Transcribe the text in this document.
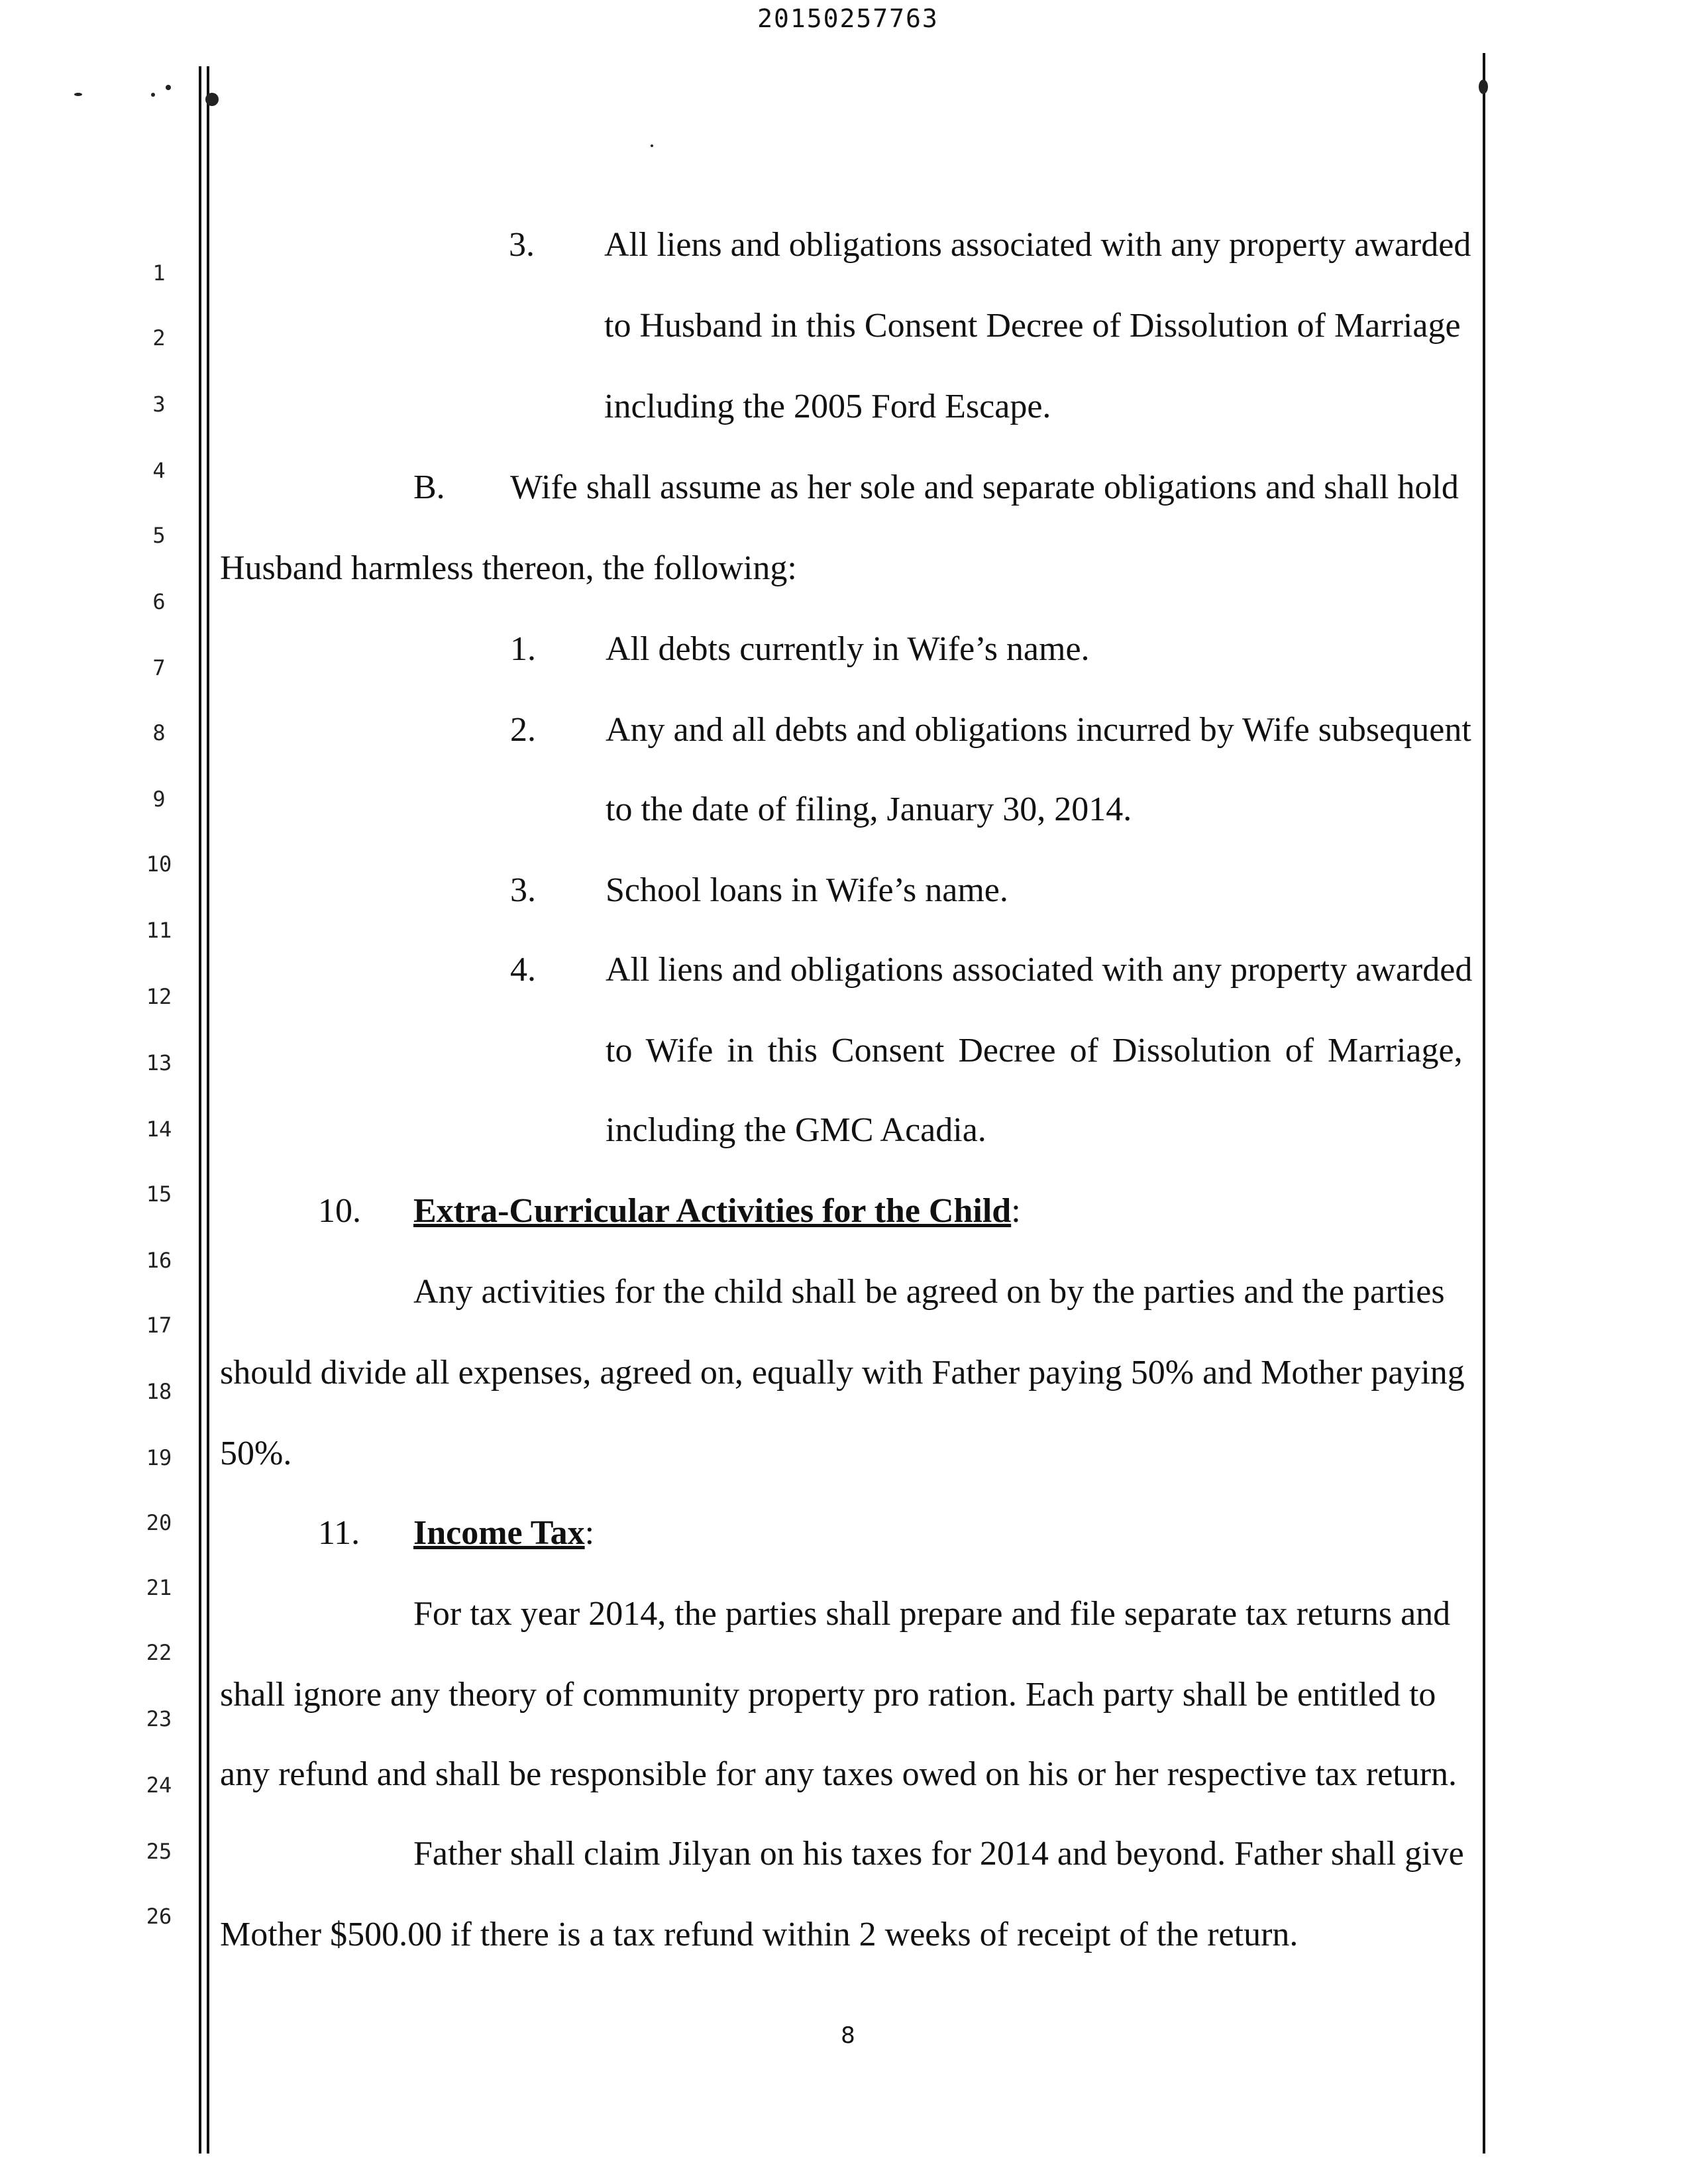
20150257763
1
2
3
4
5
6
7
8
9
10
11
12
13
14
15
16
17
18
19
20
21
22
23
24
25
26
3. All liens and obligations associated with any property awarded
to Husband in this Consent Decree of Dissolution of Marriage
including the 2005 Ford Escape.
B. Wife shall assume as her sole and separate obligations and shall hold
Husband harmless thereon, the following:
1. All debts currently in Wife’s name.
2. Any and all debts and obligations incurred by Wife subsequent
to the date of filing, January 30, 2014.
3. School loans in Wife’s name.
4. All liens and obligations associated with any property awarded
to Wife in this Consent Decree of Dissolution of Marriage,
including the GMC Acadia.
10. Extra-Curricular Activities for the Child:
Any activities for the child shall be agreed on by the parties and the parties
should divide all expenses, agreed on, equally with Father paying 50% and Mother paying
50%.
11. Income Tax:
For tax year 2014, the parties shall prepare and file separate tax returns and
shall ignore any theory of community property pro ration. Each party shall be entitled to
any refund and shall be responsible for any taxes owed on his or her respective tax return.
Father shall claim Jilyan on his taxes for 2014 and beyond. Father shall give
Mother $500.00 if there is a tax refund within 2 weeks of receipt of the return.
8
